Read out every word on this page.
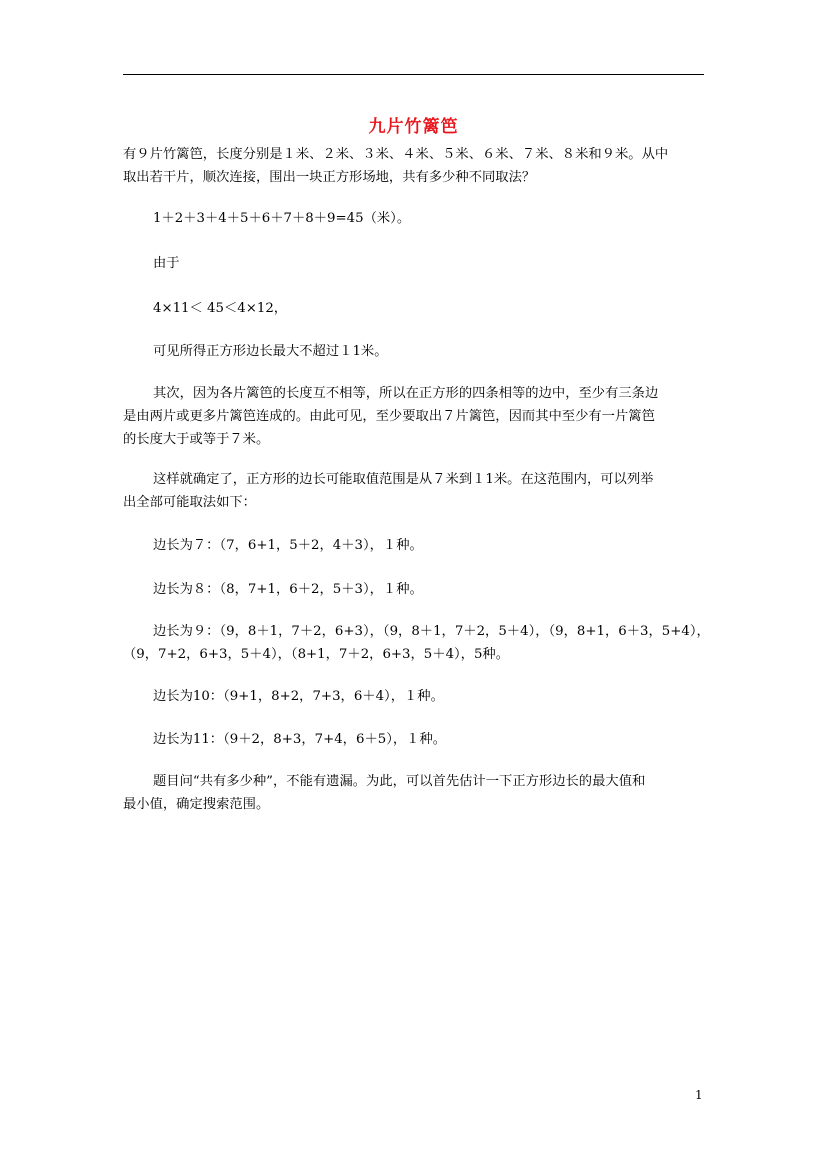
九片竹篱笆
有９片竹篱笆，长度分别是１米、２米、３米、４米、５米、６米、７米、８米和９米。从中
取出若干片，顺次连接，围出一块正方形场地，共有多少种不同取法？
1＋2＋3＋4＋5＋6＋7＋8＋9=45（米）。
由于
4×11＜ 45＜4×12，
可见所得正方形边长最大不超过１1米。
其次，因为各片篱笆的长度互不相等，所以在正方形的四条相等的边中，至少有三条边
是由两片或更多片篱笆连成的。由此可见，至少要取出７片篱笆，因而其中至少有一片篱笆
的长度大于或等于７米。
这样就确定了，正方形的边长可能取值范围是从７米到１1米。在这范围内，可以列举
出全部可能取法如下：
边长为７：（7，6+1，5＋2，4＋3），１种。
边长为８：（8，7+1，6＋2，5＋3），１种。
边长为９：（9，8＋1，7＋2，6+3），（9，8＋1，7＋2，5＋4），（9，8+1，6＋3，5+4），
（9，7+2，6+3，5＋4），（8+1，7＋2，6+3，5＋4），5种。
边长为10：（9+1，8+2，7+3，6＋4），１种。
边长为11：（9＋2，8+3，7+4，6＋5），１种。
题目问“共有多少种”，不能有遗漏。为此，可以首先估计一下正方形边长的最大值和
最小值，确定搜索范围。
1
